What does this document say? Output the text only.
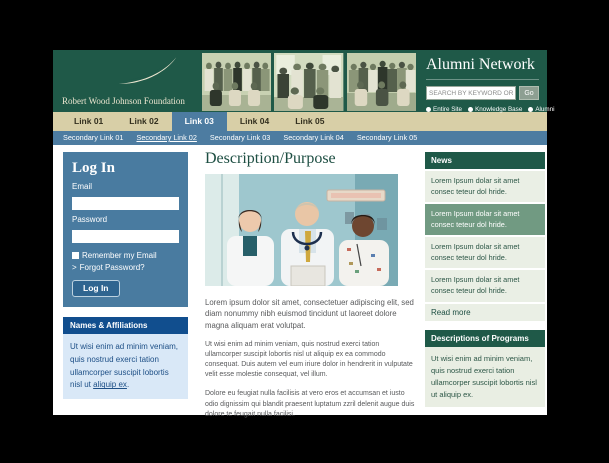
Robert Wood Johnson Foundation
Alumni Network
SEARCH BY KEYWORD OR TOPIC
Go
Entire Site Knowledge Base Alumni
Link 01	Link 02	Link 03	Link 04	Link 05
Secondary Link 01 Secondary Link 02 Secondary Link 03 Secondary Link 04 Secondary Link 05
Log In
Email
Password
Remember my Email
> Forgot Password?
Log In
Names & Affiliations
Ut wisi enim ad minim veniam, quis nostrud exerci tation ullamcorper suscipit lobortis nisl ut aliquip ex.
Description/Purpose

Lorem ipsum dolor sit amet, consectetuer adipiscing elit, sed diam nonummy nibh euismod tincidunt ut laoreet dolore magna aliquam erat volutpat.

Ut wisi enim ad minim veniam, quis nostrud exerci tation ullamcorper suscipit lobortis nisl ut aliquip ex ea commodo consequat. Duis autem vel eum iriure dolor in hendrerit in vulputate velit esse molestie consequat, vel illum.

Dolore eu feugiat nulla facilisis at vero eros et accumsan et iusto odio dignissim qui blandit praesent luptatum zzril delenit augue duis dolore te feugait nulla facilisi.

News
Lorem Ipsum dolar sit amet consec teteur dol hride.
Lorem Ipsum dolar sit amet consec teteur dol hride.
Lorem Ipsum dolar sit amet consec teteur dol hride.
Lorem Ipsum dolar sit amet consec teteur dol hride.
Read more
Descriptions of Programs
Ut wisi enim ad minim veniam, quis nostrud exerci tation ullamcorper suscipit lobortis nisl ut aliquip ex.
